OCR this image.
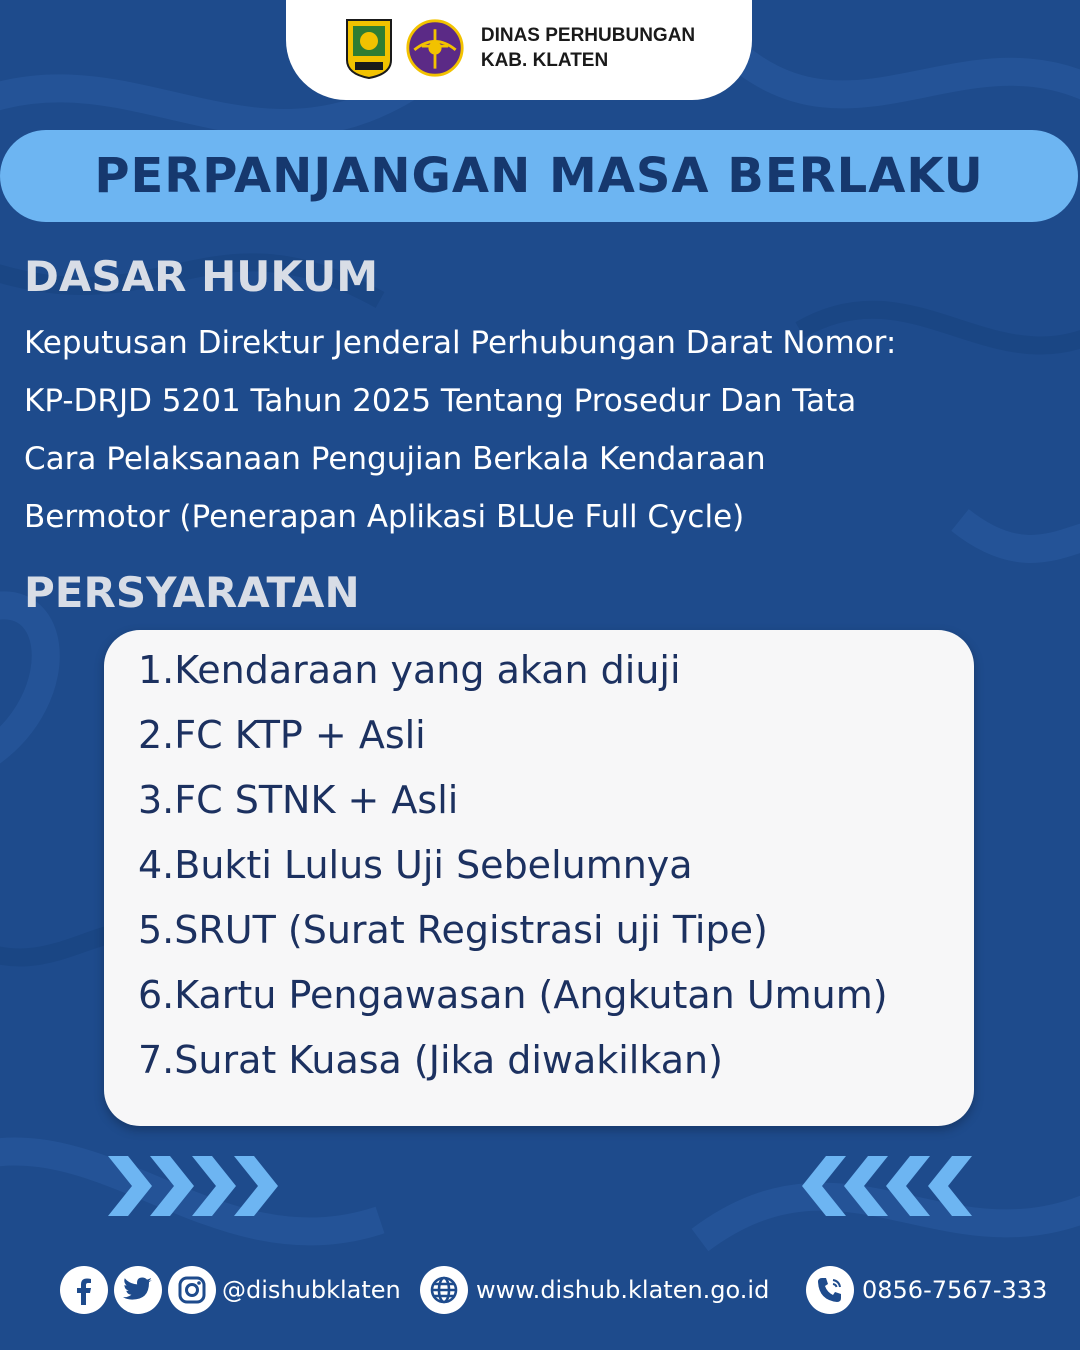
DINAS PERHUBUNGAN
KAB. KLATEN
PERPANJANGAN MASA BERLAKU
DASAR HUKUM
Keputusan Direktur Jenderal Perhubungan Darat Nomor:
KP-DRJD 5201 Tahun 2025 Tentang Prosedur Dan Tata
Cara Pelaksanaan Pengujian Berkala Kendaraan
Bermotor (Penerapan Aplikasi BLUe Full Cycle)
PERSYARATAN
1.Kendaraan yang akan diuji
2.FC KTP + Asli
3.FC STNK + Asli
4.Bukti Lulus Uji Sebelumnya
5.SRUT (Surat Registrasi uji Tipe)
6.Kartu Pengawasan (Angkutan Umum)
7.Surat Kuasa (Jika diwakilkan)
@dishubklaten	www.dishub.klaten.go.id	0856-7567-333
